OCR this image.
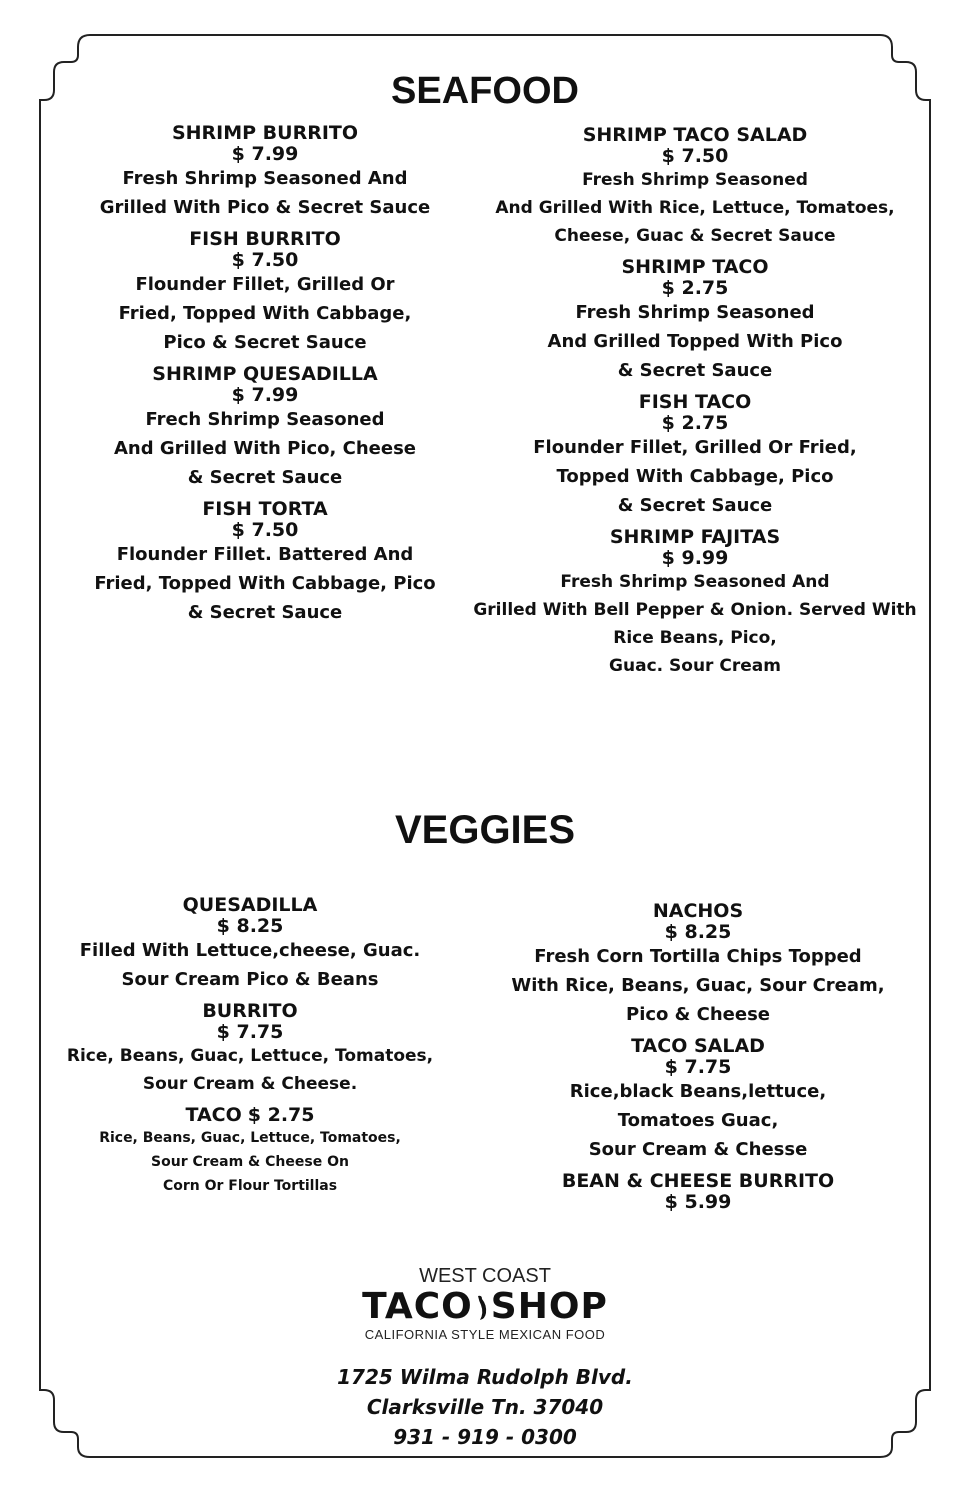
SEAFOOD
SHRIMP BURRITO
$ 7.99
Fresh Shrimp Seasoned And
Grilled With Pico & Secret Sauce
FISH BURRITO
$ 7.50
Flounder Fillet, Grilled Or
Fried, Topped With Cabbage,
Pico & Secret Sauce
SHRIMP QUESADILLA
$ 7.99
Frech Shrimp Seasoned
And Grilled With Pico, Cheese
& Secret Sauce
FISH TORTA
$ 7.50
Flounder Fillet. Battered And
Fried, Topped With Cabbage, Pico
& Secret Sauce
SHRIMP TACO SALAD
$ 7.50
Fresh Shrimp Seasoned
And Grilled With Rice, Lettuce, Tomatoes,
Cheese, Guac & Secret Sauce
SHRIMP TACO
$ 2.75
Fresh Shrimp Seasoned
And Grilled Topped With Pico
& Secret Sauce
FISH TACO
$ 2.75
Flounder Fillet, Grilled Or Fried,
Topped With Cabbage, Pico
& Secret Sauce
SHRIMP FAJITAS
$ 9.99
Fresh Shrimp Seasoned And
Grilled With Bell Pepper & Onion. Served With
Rice Beans, Pico,
Guac. Sour Cream
VEGGIES
QUESADILLA
$ 8.25
Filled With Lettuce,cheese, Guac.
Sour Cream Pico & Beans
BURRITO
$ 7.75
Rice, Beans, Guac, Lettuce, Tomatoes,
Sour Cream & Cheese.
TACO $ 2.75
Rice, Beans, Guac, Lettuce, Tomatoes,
Sour Cream & Cheese On
Corn Or Flour Tortillas
NACHOS
$ 8.25
Fresh Corn Tortilla Chips Topped
With Rice, Beans, Guac, Sour Cream,
Pico & Cheese
TACO SALAD
$ 7.75
Rice,black Beans,lettuce,
Tomatoes Guac,
Sour Cream & Chesse
BEAN & CHEESE BURRITO
$ 5.99
WEST COAST
TACO SHOP
CALIFORNIA STYLE MEXICAN FOOD
1725 Wilma Rudolph Blvd.
Clarksville Tn. 37040
931 - 919 - 0300
